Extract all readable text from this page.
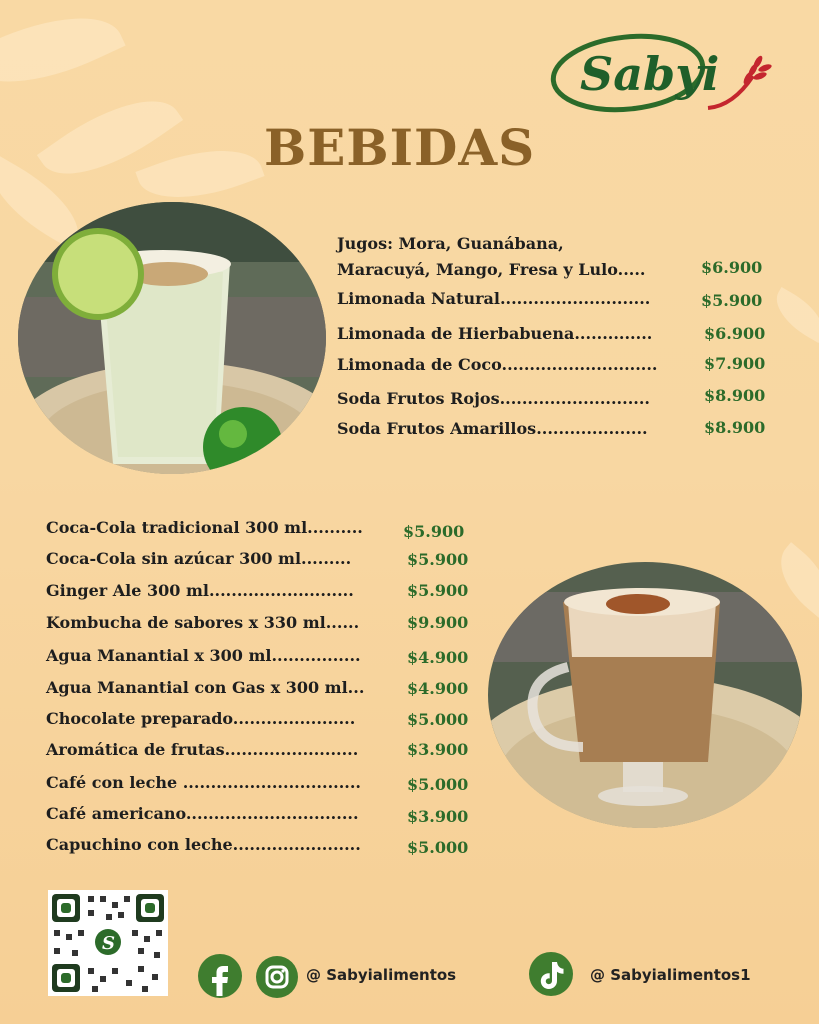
Sabyi
BEBIDAS
Jugos: Mora, Guanábana,
Maracuyá, Mango, Fresa y Lulo.....	$6.900
Limonada Natural...........................	$5.900
Limonada de Hierbabuena..............	$6.900
Limonada de Coco............................	$7.900
Soda Frutos Rojos...........................	$8.900
Soda Frutos Amarillos....................	$8.900
Coca-Cola tradicional 300 ml..........	$5.900
Coca-Cola sin azúcar 300 ml.........	$5.900
Ginger Ale 300 ml..........................	$5.900
Kombucha de sabores x 330 ml......	$9.900
Agua Manantial x 300 ml................	$4.900
Agua Manantial con Gas x 300 ml...	$4.900
Chocolate preparado......................	$5.000
Aromática de frutas........................	$3.900
Café con leche ................................	$5.000
Café americano...............................	$3.900
Capuchino con leche.......................	$5.000
S
@ Sabyialimentos	@ Sabyialimentos1
